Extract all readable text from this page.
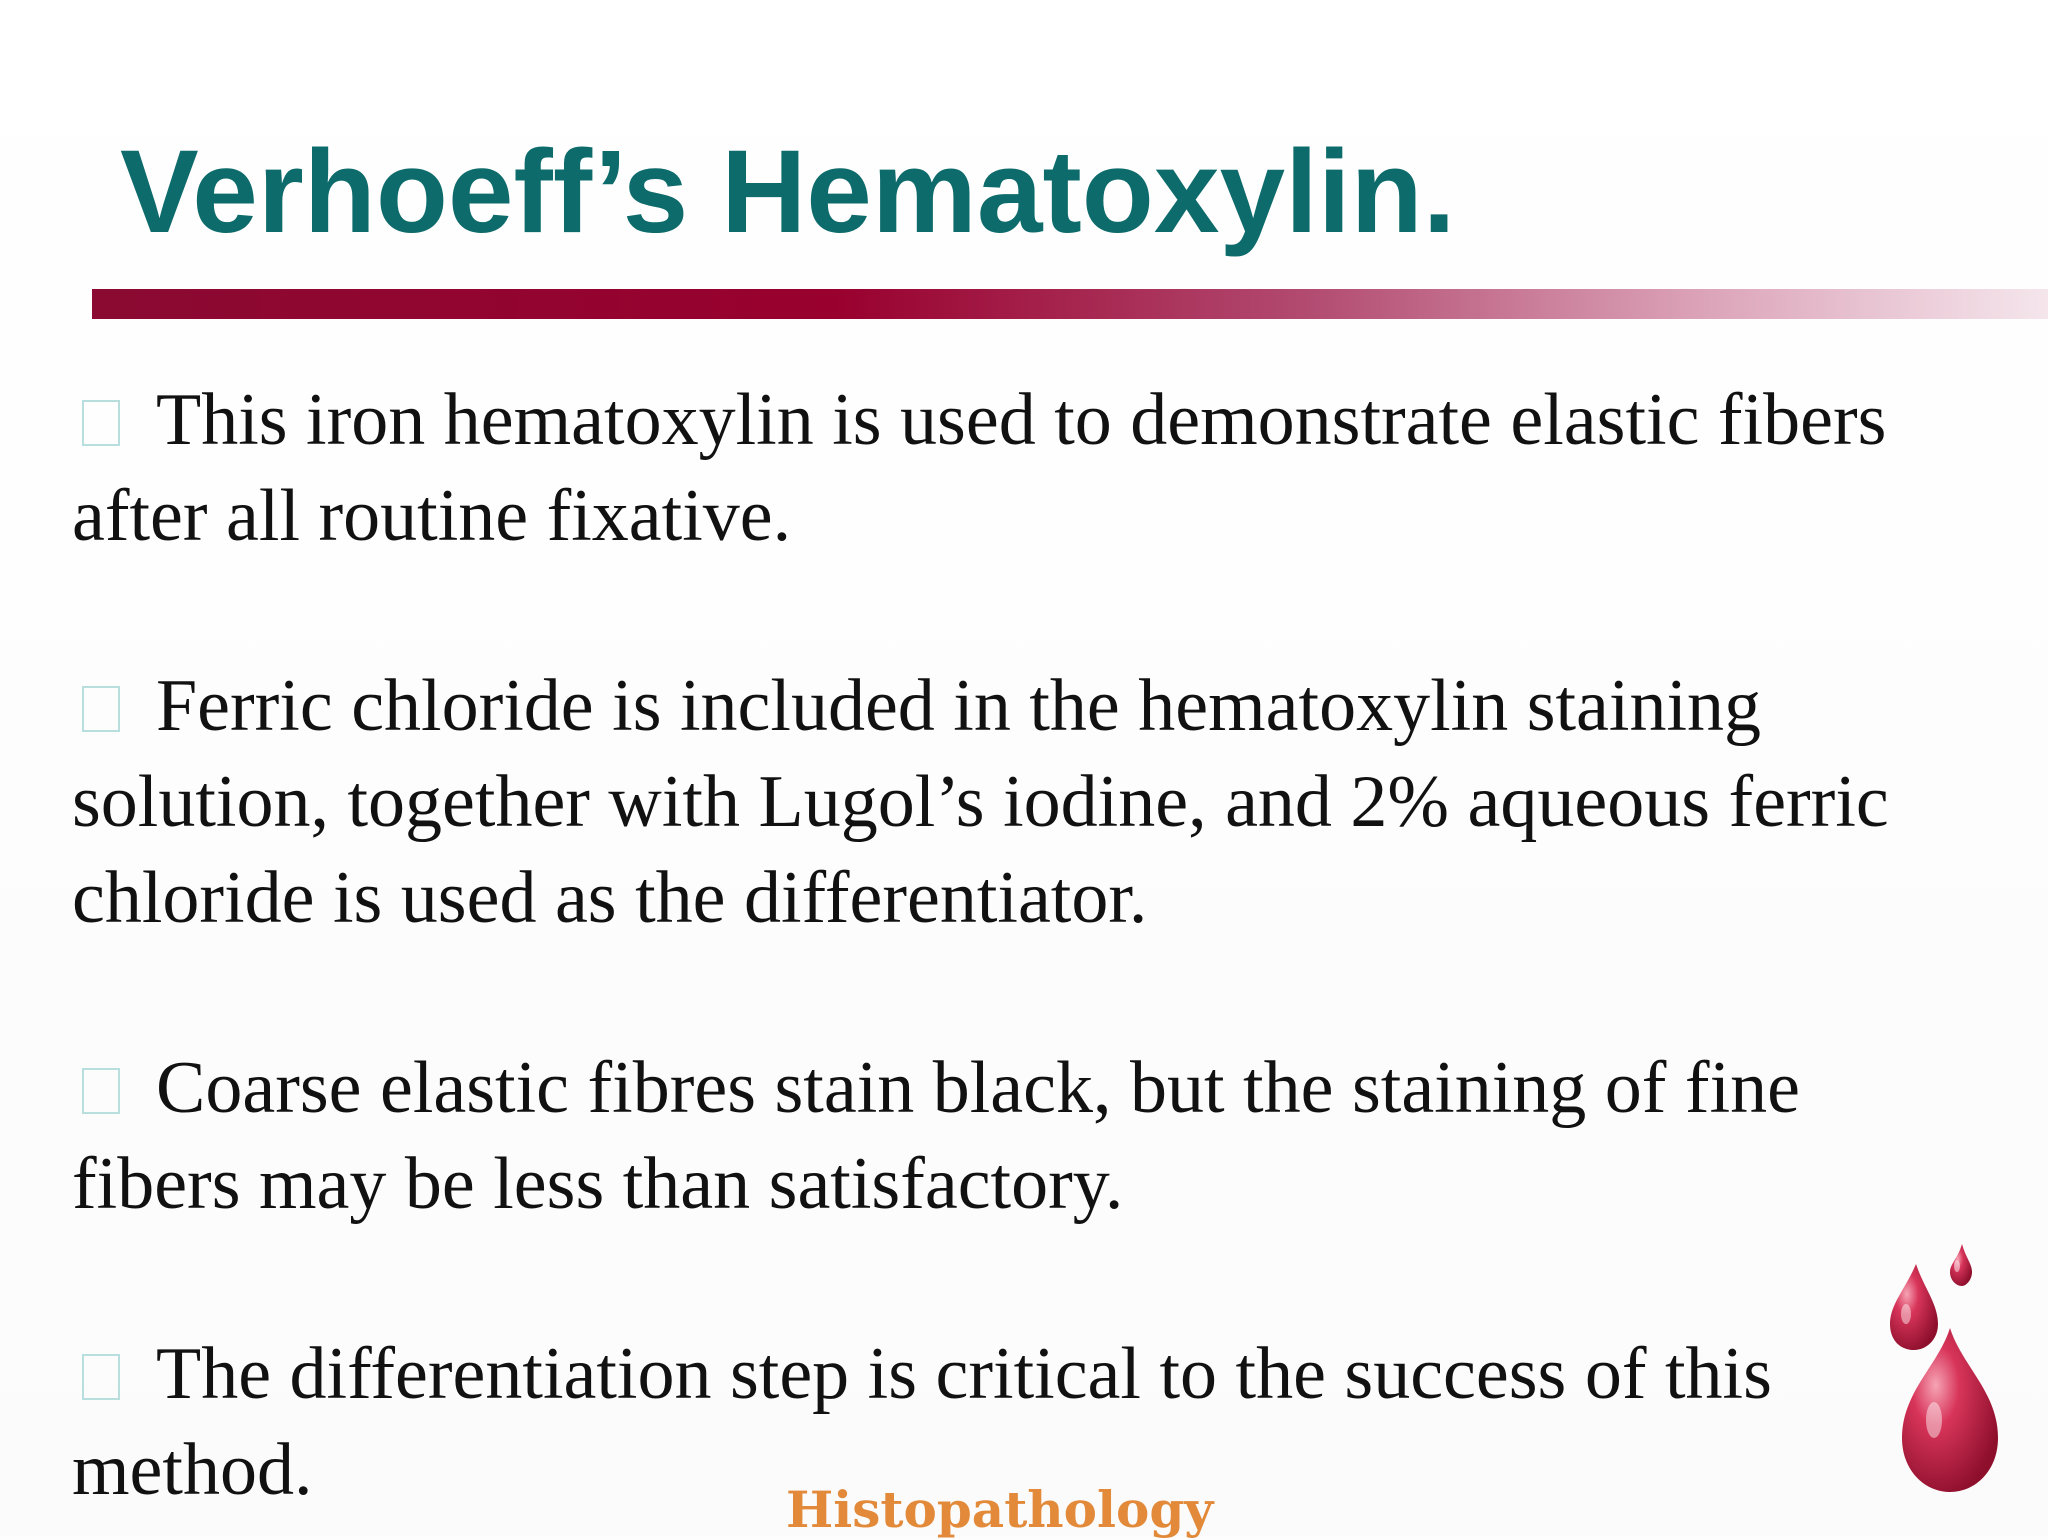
Verhoeff’s Hematoxylin.

This iron hematoxylin is used to demonstrate elastic fibers after all routine fixative.

Ferric chloride is included in the hematoxylin staining solution, together with Lugol’s iodine, and 2% aqueous ferric chloride is used as the differentiator.

Coarse elastic fibres stain black, but the staining of fine fibers may be less than satisfactory.

The differentiation step is critical to the success of this method.	Histopathology
